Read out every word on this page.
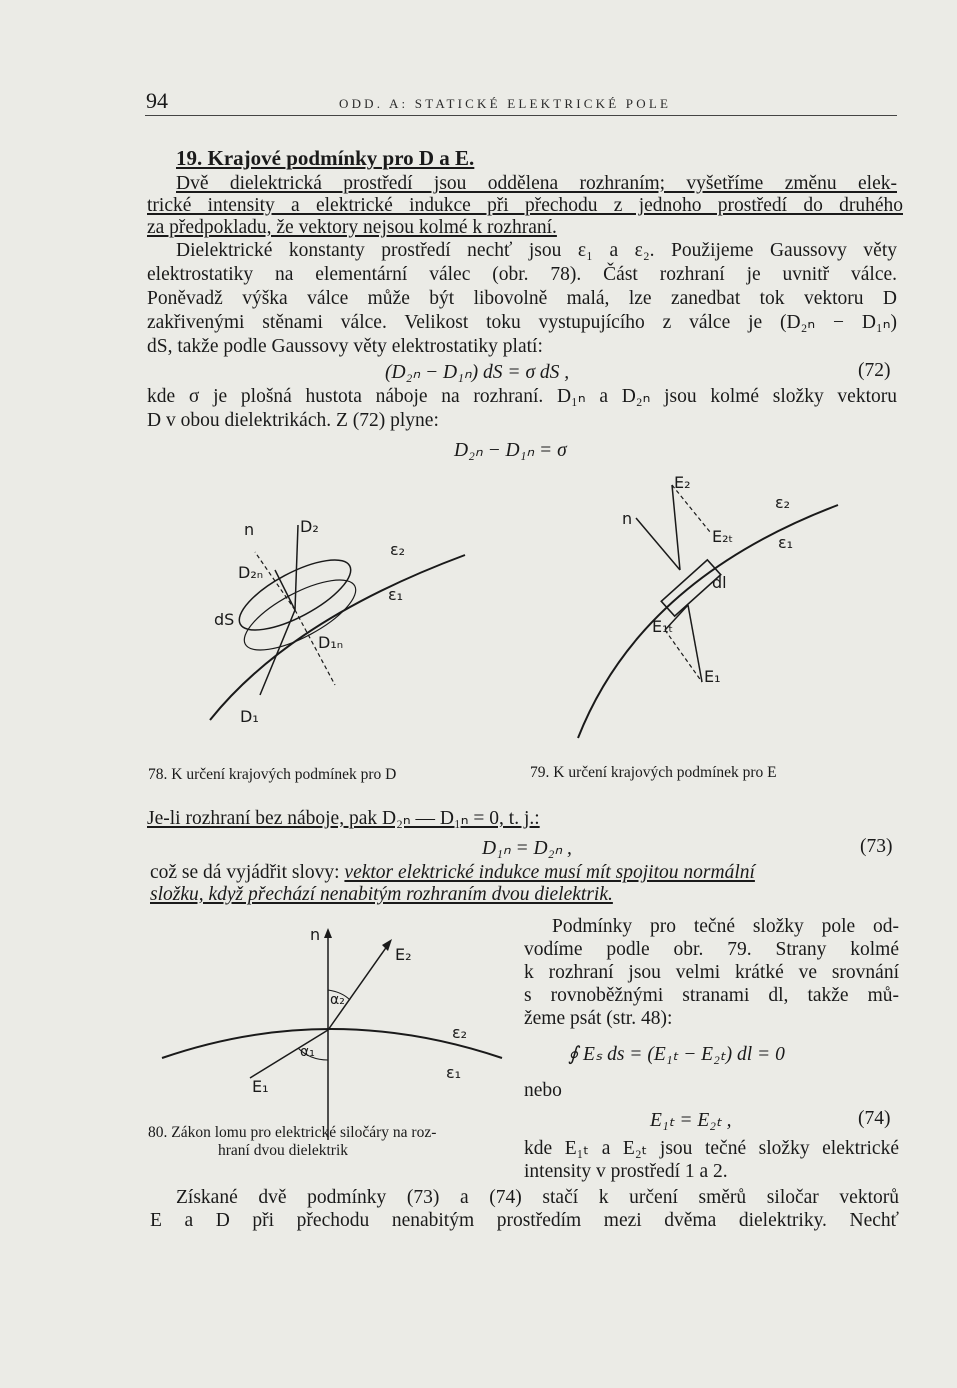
94	ODD. A: STATICKÉ ELEKTRICKÉ POLE
19. Krajové podmínky pro D a E.
Dvě dielektrická prostředí jsou oddělena rozhraním; vyšetříme změnu elek-
trické intensity a elektrické indukce při přechodu z jednoho prostředí do druhého
za předpokladu, že vektory nejsou kolmé k rozhraní.
Dielektrické konstanty prostředí nechť jsou ε₁ a ε₂. Použijeme Gaussovy věty
elektrostatiky na elementární válec (obr. 78). Část rozhraní je uvnitř válce.
Poněvadž výška válce může být libovolně malá, lze zanedbat tok vektoru D
zakřivenými stěnami válce. Velikost toku vystupujícího z válce je (D₂ₙ − D₁ₙ)
dS, takže podle Gaussovy věty elektrostatiky platí:
(D₂ₙ − D₁ₙ) dS = σ dS ,	(72)
kde σ je plošná hustota náboje na rozhraní. D₁ₙ a D₂ₙ jsou kolmé složky vektoru
D v obou dielektrikách. Z (72) plyne:
D₂ₙ − D₁ₙ = σ
n	D₂
D₂ₙ
dS
D₁ₙ
D₁
ε₂
ε₁
E₂
n
E₂ₜ
dl
E₁ₜ
E₁
ε₂
ε₁
78. K určení krajových podmínek pro D	79. K určení krajových podmínek pro E
Je-li rozhraní bez náboje, pak D₂ₙ — D₁ₙ = 0, t. j.:
D₁ₙ = D₂ₙ ,	(73)
což se dá vyjádřit slovy: vektor elektrické indukce musí mít spojitou normální
složku, když přechází nenabitým rozhraním dvou dielektrik.
n
E₂
α₂
α₁
ε₂
ε₁
E₁
80. Zákon lomu pro elektrické siločáry na roz-
hraní dvou dielektrik
Podmínky pro tečné složky pole od-
vodíme podle obr. 79. Strany kolmé
k rozhraní jsou velmi krátké ve srovnání
s rovnoběžnými stranami dl, takže mů-
žeme psát (str. 48):
∮ Eₛ ds = (E₁ₜ − E₂ₜ) dl = 0
nebo
E₁ₜ = E₂ₜ ,	(74)
kde E₁ₜ a E₂ₜ jsou tečné složky elektrické
intensity v prostředí 1 a 2.
Získané dvě podmínky (73) a (74) stačí k určení směrů siločar vektorů
E a D při přechodu nenabitým prostředím mezi dvěma dielektriky. Nechť
